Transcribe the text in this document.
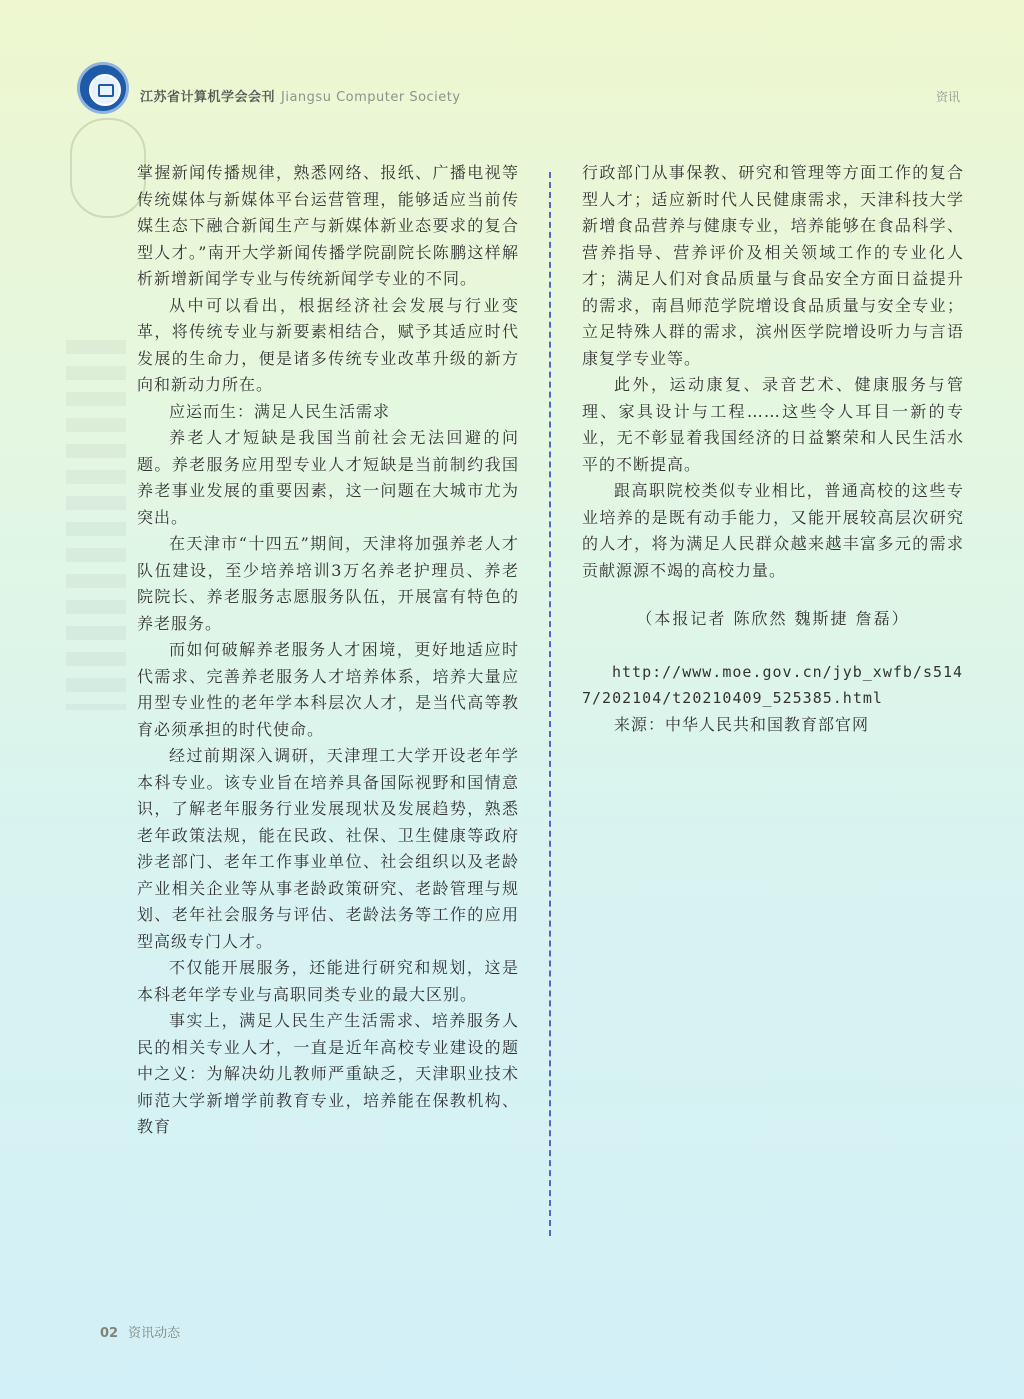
江苏省计算机学会会刊 Jiangsu Computer Society	资讯

掌握新闻传播规律，熟悉网络、报纸、广播电视等传统媒体与新媒体平台运营管理，能够适应当前传媒生态下融合新闻生产与新媒体新业态要求的复合型人才。”南开大学新闻传播学院副院长陈鹏这样解析新增新闻学专业与传统新闻学专业的不同。

从中可以看出，根据经济社会发展与行业变革，将传统专业与新要素相结合，赋予其适应时代发展的生命力，便是诸多传统专业改革升级的新方向和新动力所在。

应运而生：满足人民生活需求

养老人才短缺是我国当前社会无法回避的问题。养老服务应用型专业人才短缺是当前制约我国养老事业发展的重要因素，这一问题在大城市尤为突出。

在天津市“十四五”期间，天津将加强养老人才队伍建设，至少培养培训3万名养老护理员、养老院院长、养老服务志愿服务队伍，开展富有特色的养老服务。

而如何破解养老服务人才困境，更好地适应时代需求、完善养老服务人才培养体系，培养大量应用型专业性的老年学本科层次人才，是当代高等教育必须承担的时代使命。

经过前期深入调研，天津理工大学开设老年学本科专业。该专业旨在培养具备国际视野和国情意识，了解老年服务行业发展现状及发展趋势，熟悉老年政策法规，能在民政、社保、卫生健康等政府涉老部门、老年工作事业单位、社会组织以及老龄产业相关企业等从事老龄政策研究、老龄管理与规划、老年社会服务与评估、老龄法务等工作的应用型高级专门人才。

不仅能开展服务，还能进行研究和规划，这是本科老年学专业与高职同类专业的最大区别。

事实上，满足人民生产生活需求、培养服务人民的相关专业人才，一直是近年高校专业建设的题中之义：为解决幼儿教师严重缺乏，天津职业技术师范大学新增学前教育专业，培养能在保教机构、教育

行政部门从事保教、研究和管理等方面工作的复合型人才；适应新时代人民健康需求，天津科技大学新增食品营养与健康专业，培养能够在食品科学、营养指导、营养评价及相关领域工作的专业化人才；满足人们对食品质量与食品安全方面日益提升的需求，南昌师范学院增设食品质量与安全专业；立足特殊人群的需求，滨州医学院增设听力与言语康复学专业等。

此外，运动康复、录音艺术、健康服务与管理、家具设计与工程……这些令人耳目一新的专业，无不彰显着我国经济的日益繁荣和人民生活水平的不断提高。

跟高职院校类似专业相比，普通高校的这些专业培养的是既有动手能力，又能开展较高层次研究的人才，将为满足人民群众越来越丰富多元的需求贡献源源不竭的高校力量。

（本报记者 陈欣然 魏斯捷 詹磊）

http://www.moe.gov.cn/jyb_xwfb/s5147/202104/t20210409_525385.html

来源：中华人民共和国教育部官网

02 资讯动态
